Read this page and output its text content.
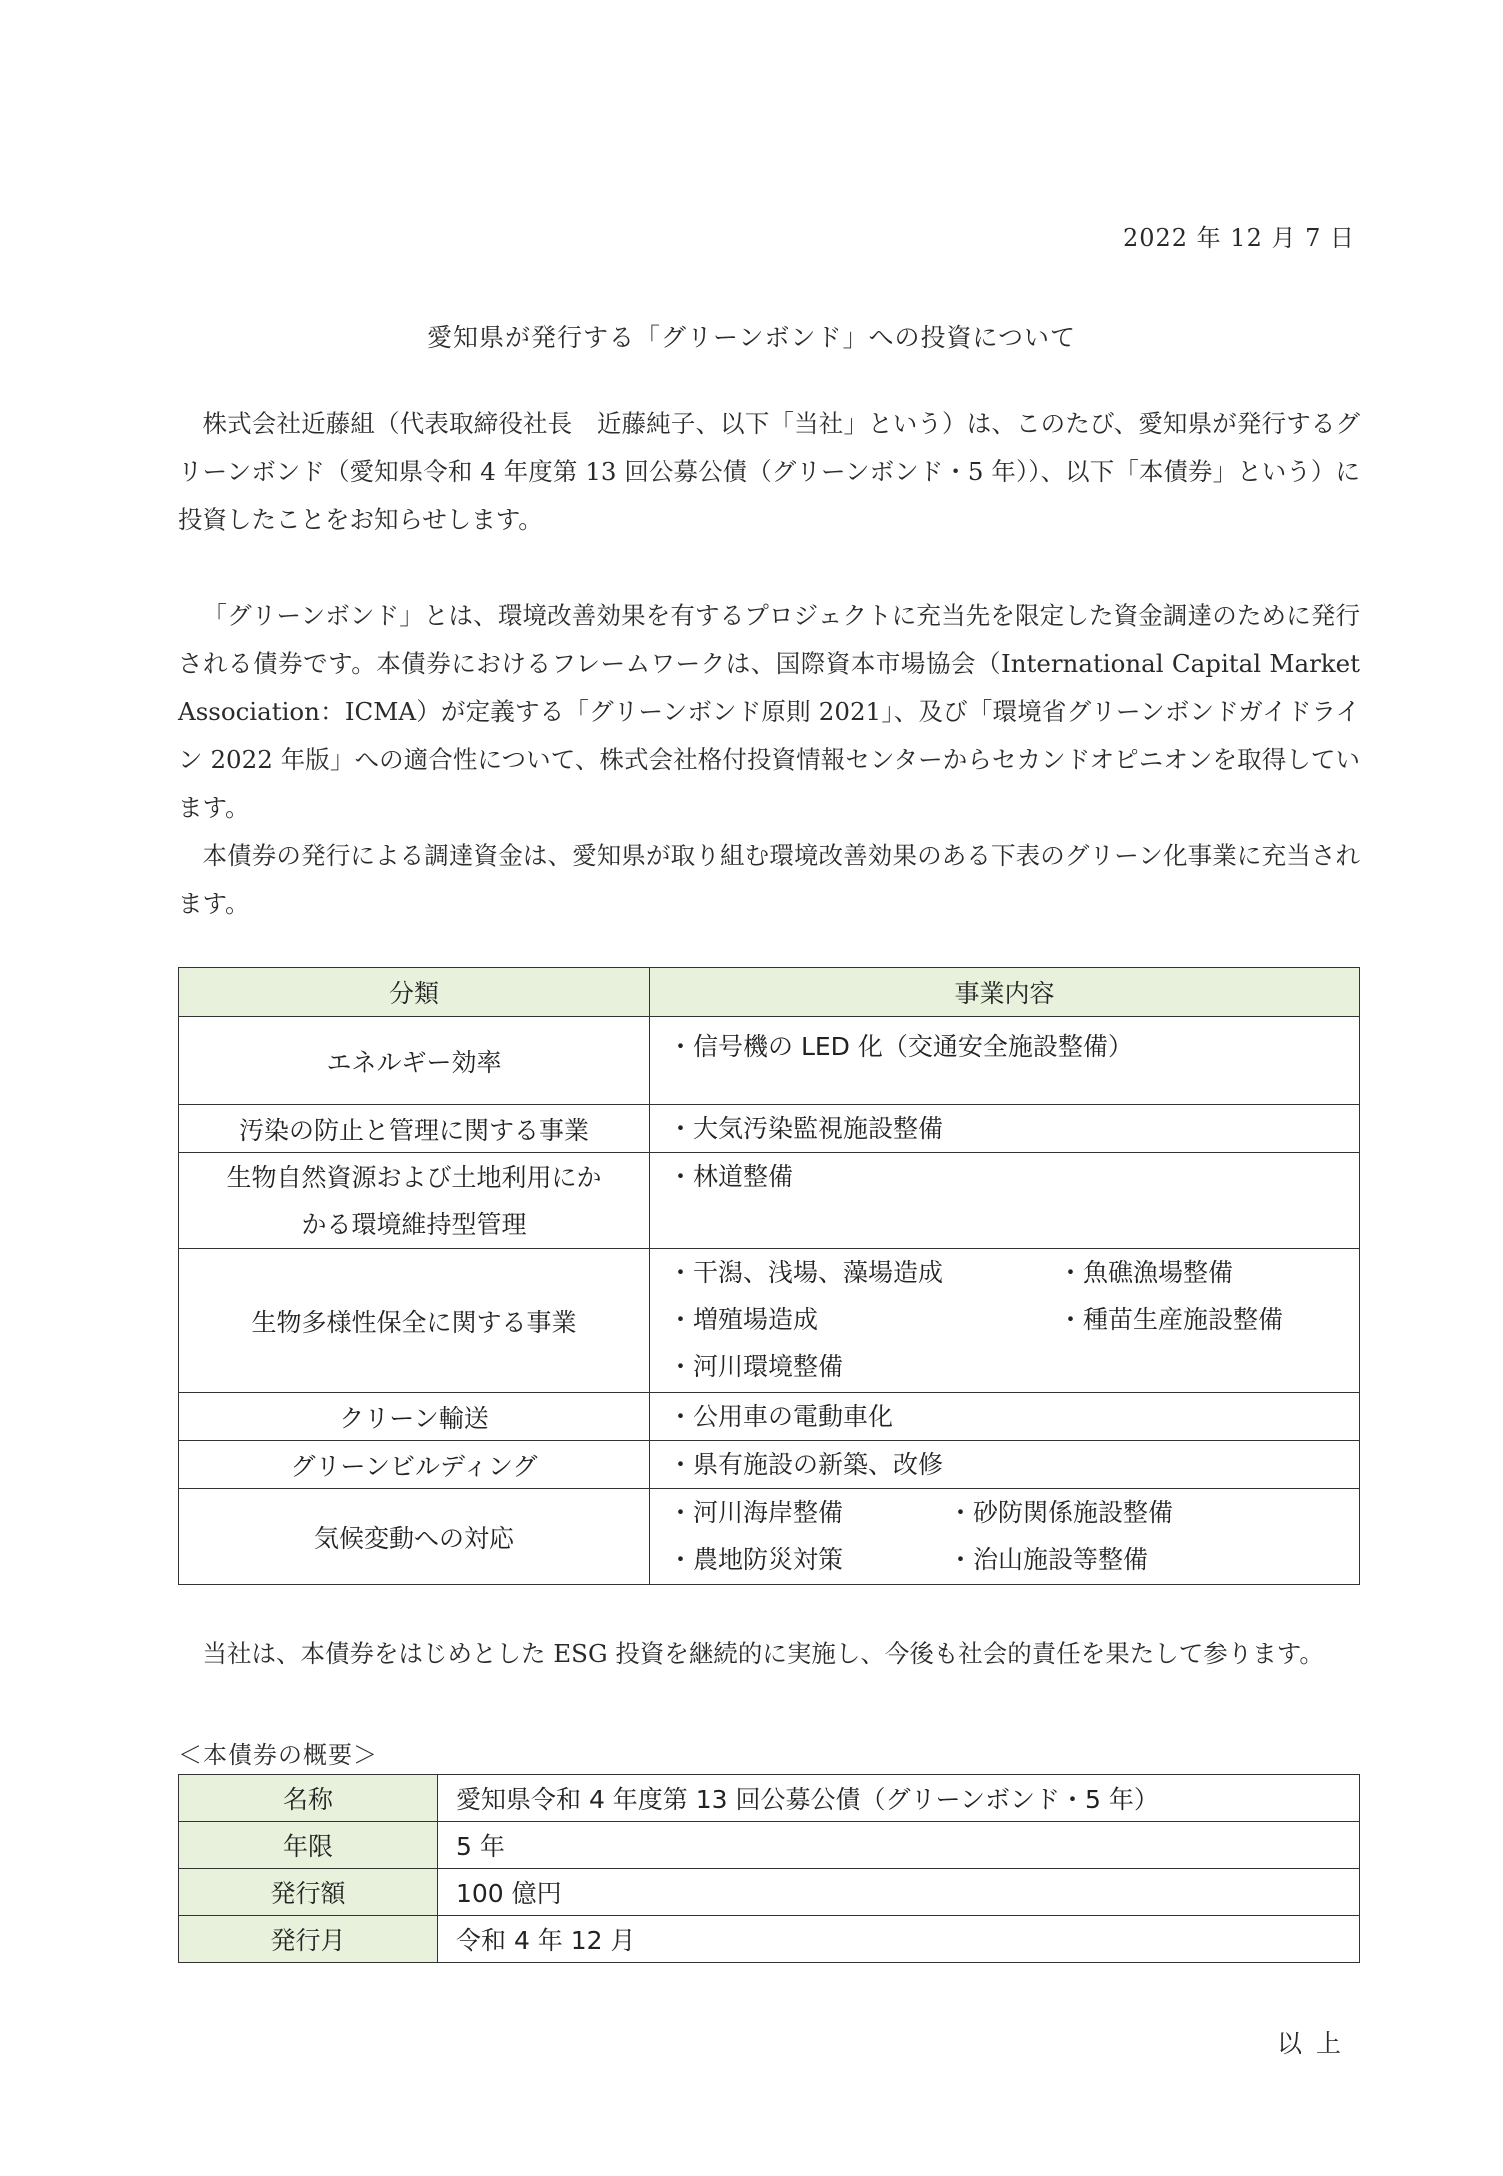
2022 年 12 月 7 日
愛知県が発行する「グリーンボンド」への投資について

株式会社近藤組（代表取締役社長　近藤純子、以下「当社」という）は、このたび、愛知県が発行するグリーンボンド（愛知県令和 4 年度第 13 回公募公債（グリーンボンド・5 年））、以下「本債券」という）に投資したことをお知らせします。

「グリーンボンド」とは、環境改善効果を有するプロジェクトに充当先を限定した資金調達のために発行される債券です。本債券におけるフレームワークは、国際資本市場協会（International Capital Market Association：ICMA）が定義する「グリーンボンド原則 2021」、及び「環境省グリーンボンドガイドライン 2022 年版」への適合性について、株式会社格付投資情報センターからセカンドオピニオンを取得しています。

本債券の発行による調達資金は、愛知県が取り組む環境改善効果のある下表のグリーン化事業に充当されます。

分類	事業内容
エネルギー効率	・信号機の LED 化（交通安全施設整備）

汚染の防止と管理に関する事業	・大気汚染監視施設整備

生物自然資源および土地利用にか
かる環境維持型管理	・林道整備

生物多様性保全に関する事業	・干潟、浅場、藻場造成 ・魚礁漁場整備
・増殖場造成 ・種苗生産施設整備
・河川環境整備

クリーン輸送	・公用車の電動車化

グリーンビルディング	・県有施設の新築、改修

気候変動への対応	・河川海岸整備 ・砂防関係施設整備
・農地防災対策 ・治山施設等整備

当社は、本債券をはじめとした ESG 投資を継続的に実施し、今後も社会的責任を果たして参ります。

＜本債券の概要＞
名称	愛知県令和 4 年度第 13 回公募公債（グリーンボンド・5 年）
年限	5 年
発行額	100 億円
発行月	令和 4 年 12 月
以上
